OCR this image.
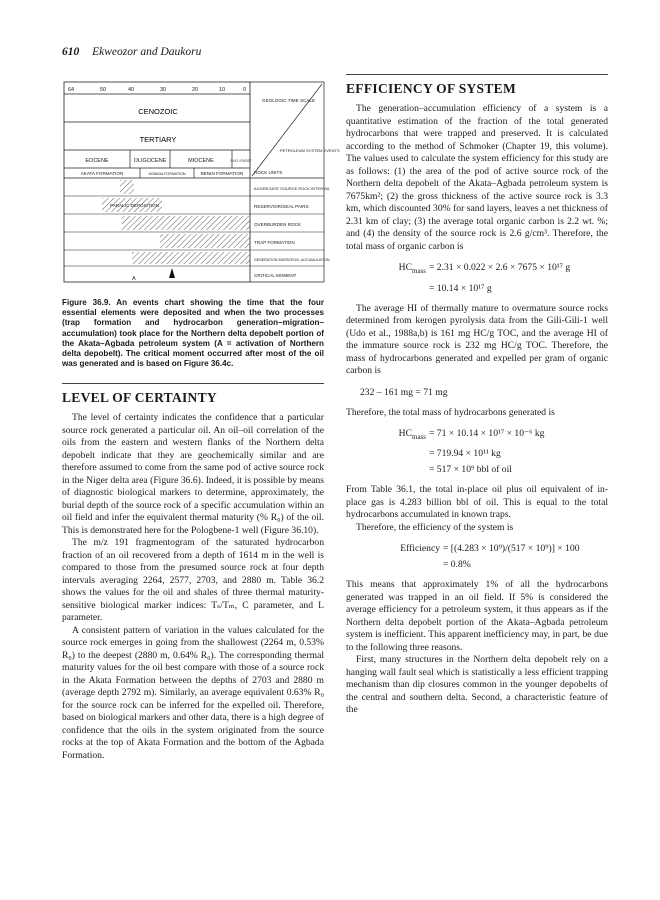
610 Ekweozor and Daukoru
64	50	40	30	20	10	0
CENOZOIC
TERTIARY
EOCENE	OLIGOCENE	MIOCENE	PLIO / PLEIST
AKATA FORMATION	AGBADA FORMATION	BENIN FORMATION
PARALIC DEPOSITION
A
GEOLOGIC TIME SCALE
PETROLEUM SYSTEM EVENTS
ROCK UNITS
AGGREGATE SOURCE ROCK INTERVAL
RESERVOIR/SEAL PAIRS
OVERBURDEN ROCK
TRAP FORMATION
GENERATION-MIGRATION -ACCUMULATION
CRITICAL MOMENT

Figure 36.9. An events chart showing the time that the four essential elements were deposited and when the two processes (trap formation and hydrocarbon generation–migration–accumulation) took place for the Northern delta depobelt portion of the Akata–Agbada petroleum system (A = activation of Northern delta depobelt). The critical moment occurred after most of the oil was generated and is based on Figure 36.4c.

LEVEL OF CERTAINTY

The level of certainty indicates the confidence that a particular source rock generated a particular oil. An oil–oil correlation of the oils from the eastern and western flanks of the Northern delta depobelt indicate that they are geochemically similar and are therefore assumed to come from the same pod of active source rock in the Niger delta area (Figure 36.6). Indeed, it is possible by means of diagnostic biological markers to determine, approximately, the burial depth of the source rock of a specific accumulation within an oil field and infer the equivalent thermal maturity (% R₀) of the oil. This is demonstrated here for the Pologbene-1 well (Figure 36.10).

The m/z 191 fragmentogram of the saturated hydrocarbon fraction of an oil recovered from a depth of 1614 m in the well is compared to those from the presumed source rock at four depth intervals averaging 2264, 2577, 2703, and 2880 m. Table 36.2 shows the values for the oil and shales of three thermal maturity-sensitive biological marker indices: Tₛ/Tₘ, C parameter, and L parameter.

A consistent pattern of variation in the values calculated for the source rock emerges in going from the shallowest (2264 m, 0.53% R₀) to the deepest (2880 m, 0.64% R₀). The corresponding thermal maturity values for the oil best compare with those of a source rock in the Akata Formation between the depths of 2703 and 2880 m (average depth 2792 m). Similarly, an average equivalent 0.63% R₀ for the source rock can be inferred for the expelled oil. Therefore, based on biological markers and other data, there is a high degree of confidence that the oils in the system originated from the source rocks at the top of Akata Formation and the bottom of the Agbada Formation.

EFFICIENCY OF SYSTEM

The generation–accumulation efficiency of a system is a quantitative estimation of the fraction of the total generated hydrocarbons that were trapped and preserved. It is calculated according to the method of Schmoker (Chapter 19, this volume). The values used to calculate the system efficiency for this study are as follows: (1) the area of the pod of active source rock of the Northern delta depobelt of the Akata–Agbada petroleum system is 7675km²; (2) the gross thickness of the active source rock is 3.3 km, which discounted 30% for sand layers, leaves a net thickness of 2.31 km of clay; (3) the average total organic carbon is 2.2 wt. %; and (4) the density of the source rock is 2.6 g/cm³. Therefore, the total mass of organic carbon is

$HC_{mass} = 2.31 \times 0.022 \times 2.6 \times 7675 \times 10^{17}$ g
= 10.14 × 10¹⁷ g

The average HI of thermally mature to overmature source rocks determined from kerogen pyrolysis data from the Gili-Gili-1 well (Udo et al., 1988a,b) is 161 mg HC/g TOC, and the average HI of the immature source rock is 232 mg HC/g TOC. Therefore, the mass of hydrocarbons generated and expelled per gram of organic carbon is

232 – 161 mg = 71 mg

Therefore, the total mass of hydrocarbons generated is

$HC_{mass} = 71 \times 10.14 \times 10^{17} \times 10^{-6}$ kg
= 719.94 × 10¹¹ kg
= 517 × 10⁹ bbl of oil

From Table 36.1, the total in-place oil plus oil equivalent of in-place gas is 4.283 billion bbl of oil. This is equal to the total hydrocarbons accumulated in known traps.

Therefore, the efficiency of the system is

Efficiency = [(4.283 × 10⁹)/(517 × 10⁹)] × 100
= 0.8%

This means that approximately 1% of all the hydrocarbons generated was trapped in an oil field. If 5% is considered the average efficiency for a petroleum system, it thus appears as if the Northern delta depobelt portion of the Akata–Agbada petroleum system is inefficient. This apparent inefficiency may, in part, be due to the following three reasons.

First, many structures in the Northern delta depobelt rely on a hanging wall fault seal which is statistically a less efficient trapping mechanism than dip closures common in the younger depobelts of the central and southern delta. Second, a characteristic feature of the
